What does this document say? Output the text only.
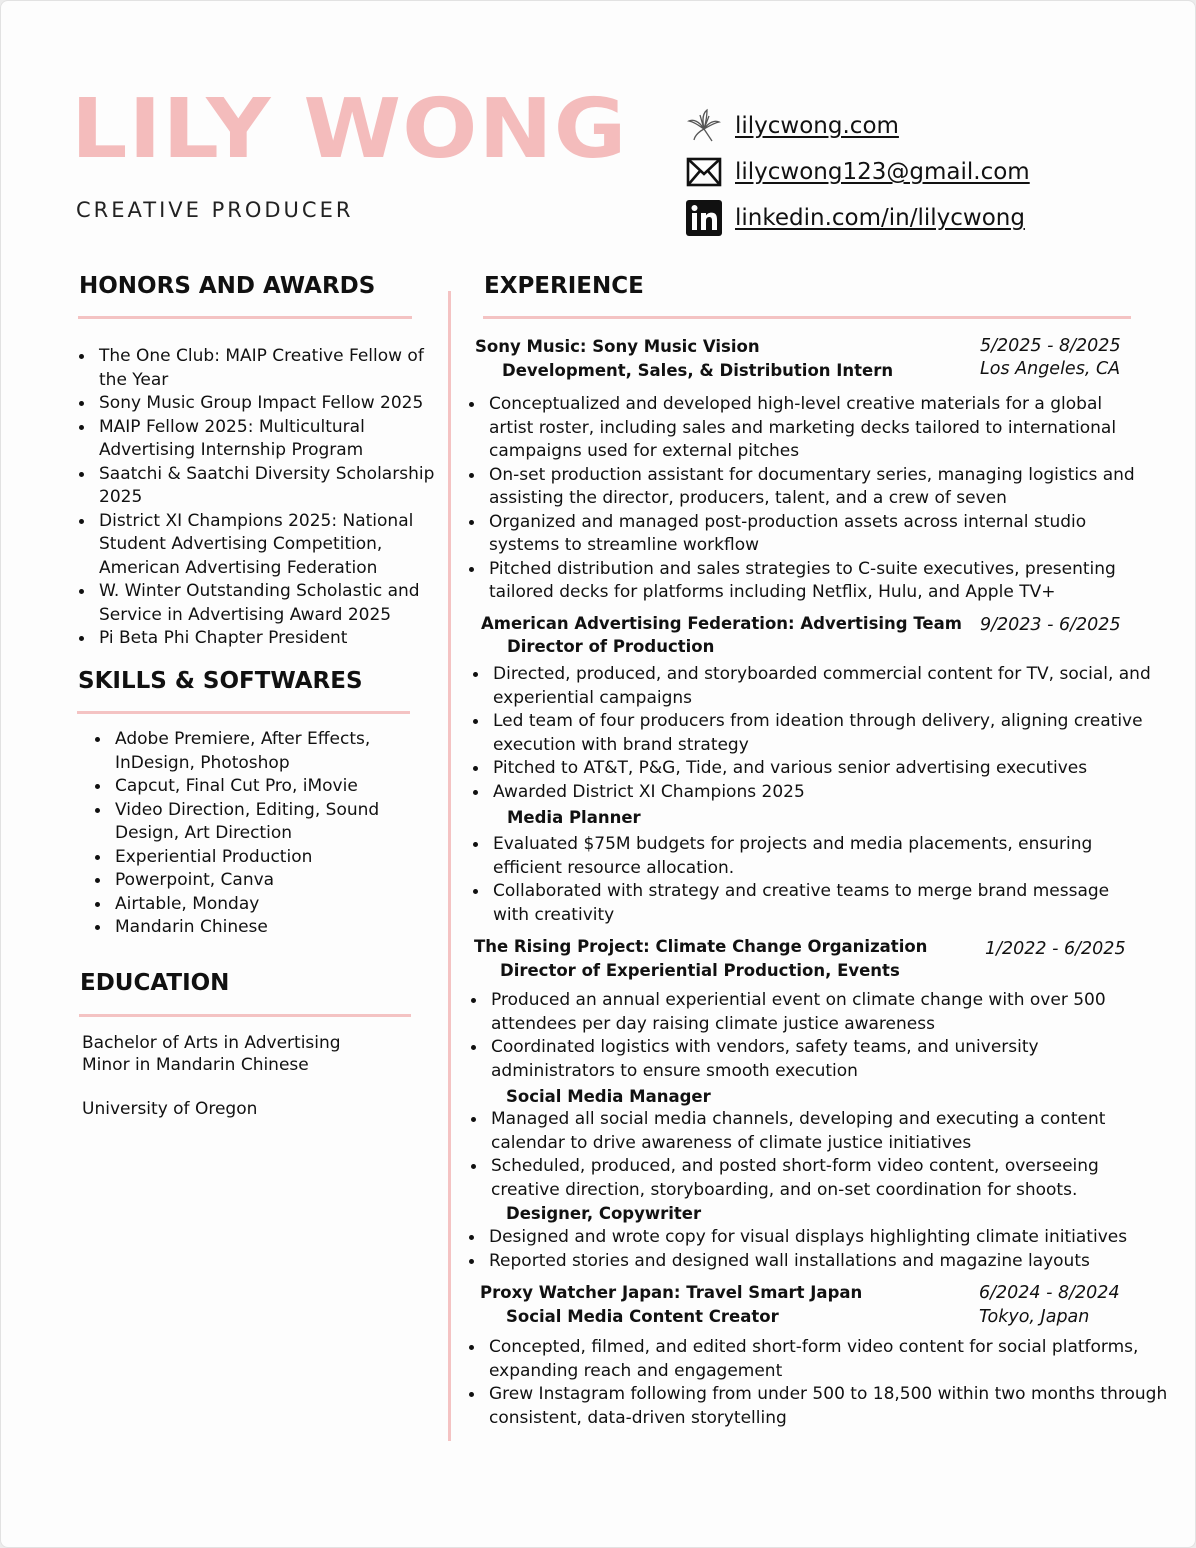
LILY WONG
CREATIVE PRODUCER
lilycwong.com
lilycwong123@gmail.com
linkedin.com/in/lilycwong
HONORS AND AWARDS
The One Club: MAIP Creative Fellow of the Year
Sony Music Group Impact Fellow 2025
MAIP Fellow 2025: Multicultural Advertising Internship Program
Saatchi & Saatchi Diversity Scholarship 2025
District XI Champions 2025: National Student Advertising Competition, American Advertising Federation
W. Winter Outstanding Scholastic and Service in Advertising Award 2025
Pi Beta Phi Chapter President
SKILLS & SOFTWARES
Adobe Premiere, After Effects, InDesign, Photoshop
Capcut, Final Cut Pro, iMovie
Video Direction, Editing, Sound Design, Art Direction
Experiential Production
Powerpoint, Canva
Airtable, Monday
Mandarin Chinese
EDUCATION
Bachelor of Arts in Advertising
Minor in Mandarin Chinese
University of Oregon
EXPERIENCE
Sony Music: Sony Music Vision
Development, Sales, & Distribution Intern
5/2025 - 8/2025
Los Angeles, CA
Conceptualized and developed high-level creative materials for a global artist roster, including sales and marketing decks tailored to international campaigns used for external pitches
On-set production assistant for documentary series, managing logistics and assisting the director, producers, talent, and a crew of seven
Organized and managed post-production assets across internal studio systems to streamline workflow
Pitched distribution and sales strategies to C-suite executives, presenting tailored decks for platforms including Netflix, Hulu, and Apple TV+
American Advertising Federation: Advertising Team 9/2023 - 6/2025
Director of Production
Directed, produced, and storyboarded commercial content for TV, social, and experiential campaigns
Led team of four producers from ideation through delivery, aligning creative execution with brand strategy
Pitched to AT&T, P&G, Tide, and various senior advertising executives
Awarded District XI Champions 2025
Media Planner
Evaluated $75M budgets for projects and media placements, ensuring efficient resource allocation.
Collaborated with strategy and creative teams to merge brand message with creativity
The Rising Project: Climate Change Organization	1/2022 - 6/2025
Director of Experiential Production, Events
Produced an annual experiential event on climate change with over 500 attendees per day raising climate justice awareness
Coordinated logistics with vendors, safety teams, and university administrators to ensure smooth execution
Social Media Manager
Managed all social media channels, developing and executing a content calendar to drive awareness of climate justice initiatives
Scheduled, produced, and posted short-form video content, overseeing creative direction, storyboarding, and on-set coordination for shoots.
Designer, Copywriter
Designed and wrote copy for visual displays highlighting climate initiatives
Reported stories and designed wall installations and magazine layouts
Proxy Watcher Japan: Travel Smart Japan
Social Media Content Creator
6/2024 - 8/2024
Tokyo, Japan
Concepted, filmed, and edited short-form video content for social platforms, expanding reach and engagement
Grew Instagram following from under 500 to 18,500 within two months through consistent, data-driven storytelling
